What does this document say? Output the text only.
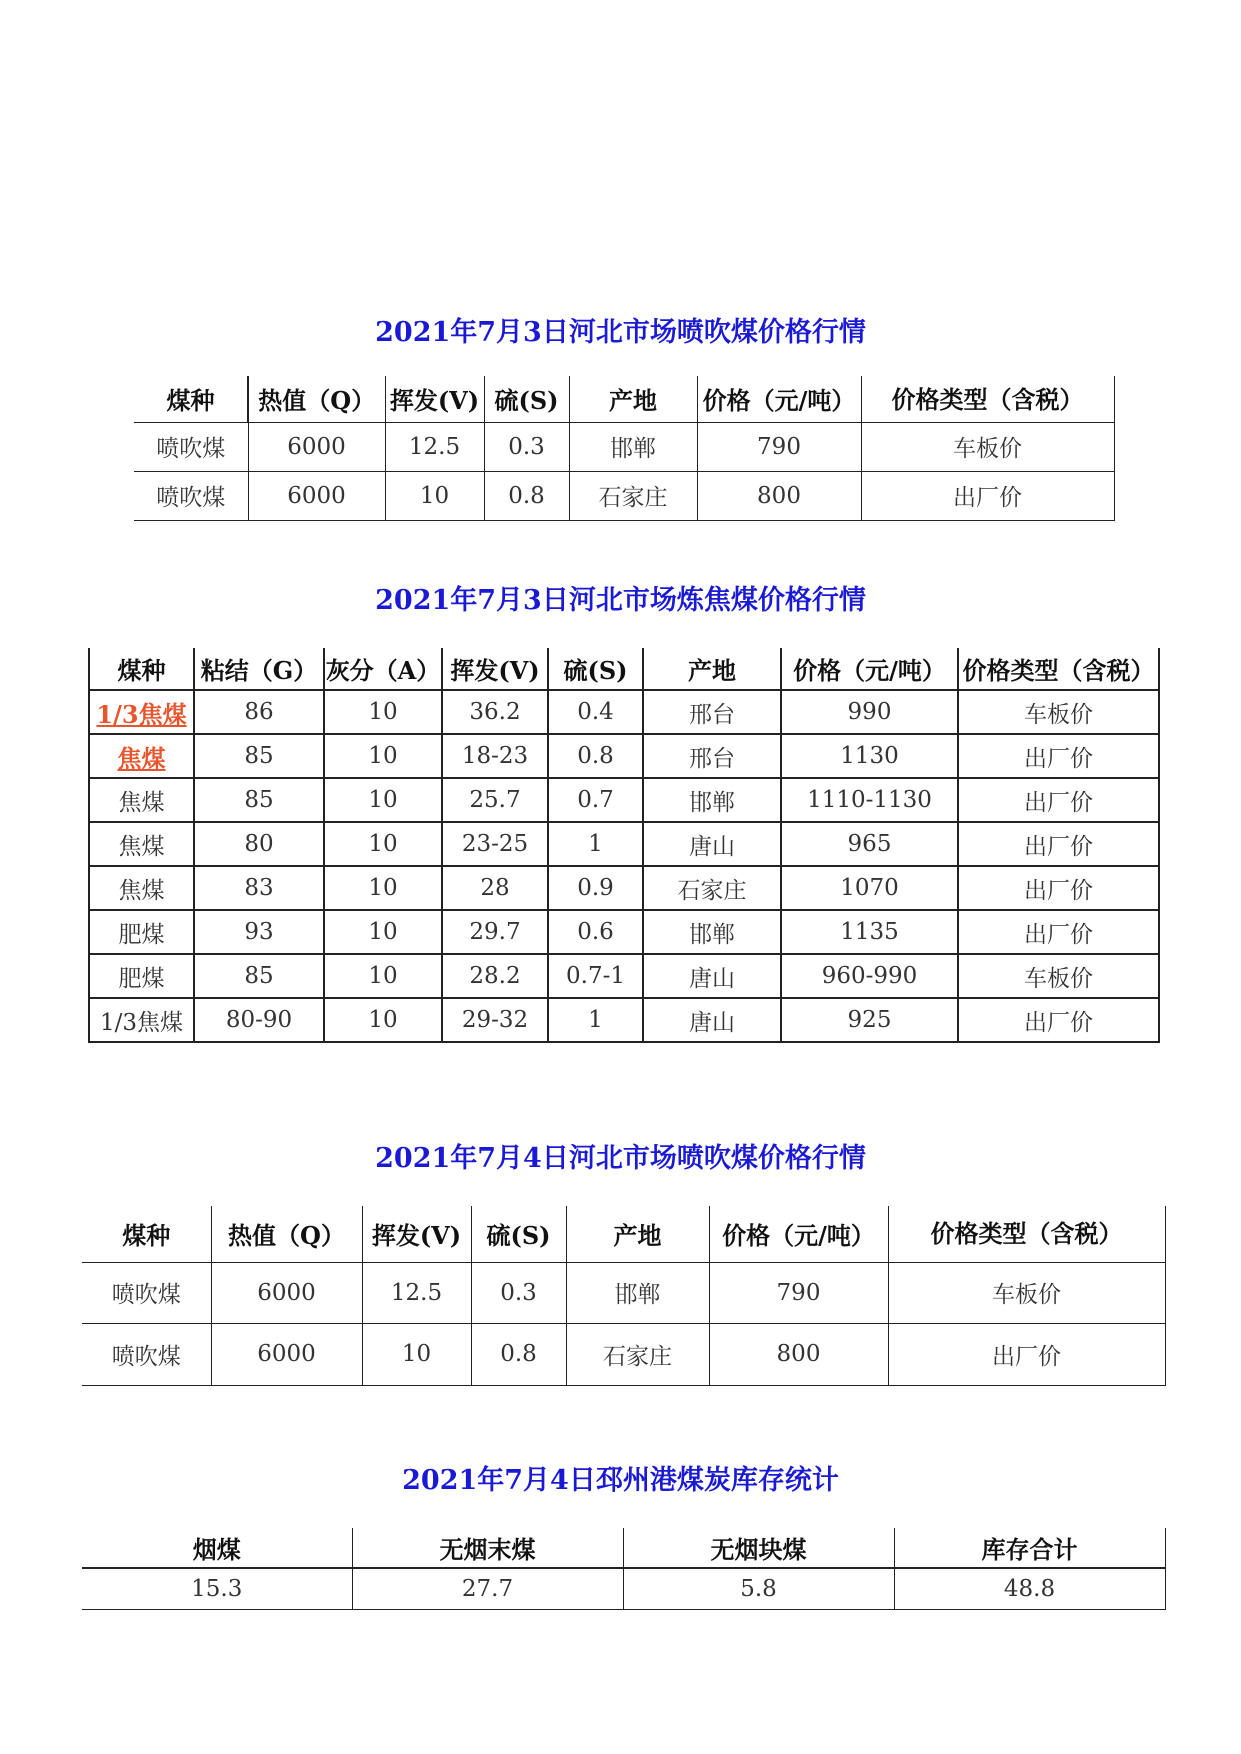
2021年7月3日河北市场喷吹煤价格行情
煤种	热值（Q）	挥发(V)	硫(S)	产地	价格（元/吨）	价格类型（含税）
喷吹煤	6000	12.5	0.3	邯郸	790	车板价
喷吹煤	6000	10	0.8	石家庄	800	出厂价
2021年7月3日河北市场炼焦煤价格行情
煤种	粘结（G）	灰分（A）	挥发(V)	硫(S)	产地	价格（元/吨）	价格类型（含税）
1/3焦煤	86	10	36.2	0.4	邢台	990	车板价
焦煤	85	10	18-23	0.8	邢台	1130	出厂价
焦煤	85	10	25.7	0.7	邯郸	1110-1130	出厂价
焦煤	80	10	23-25	1	唐山	965	出厂价
焦煤	83	10	28	0.9	石家庄	1070	出厂价
肥煤	93	10	29.7	0.6	邯郸	1135	出厂价
肥煤	85	10	28.2	0.7-1	唐山	960-990	车板价
1/3焦煤	80-90	10	29-32	1	唐山	925	出厂价
2021年7月4日河北市场喷吹煤价格行情
煤种	热值（Q）	挥发(V)	硫(S)	产地	价格（元/吨）	价格类型（含税）
喷吹煤	6000	12.5	0.3	邯郸	790	车板价
喷吹煤	6000	10	0.8	石家庄	800	出厂价
2021年7月4日邳州港煤炭库存统计
烟煤	无烟末煤	无烟块煤	库存合计
15.3	27.7	5.8	48.8
